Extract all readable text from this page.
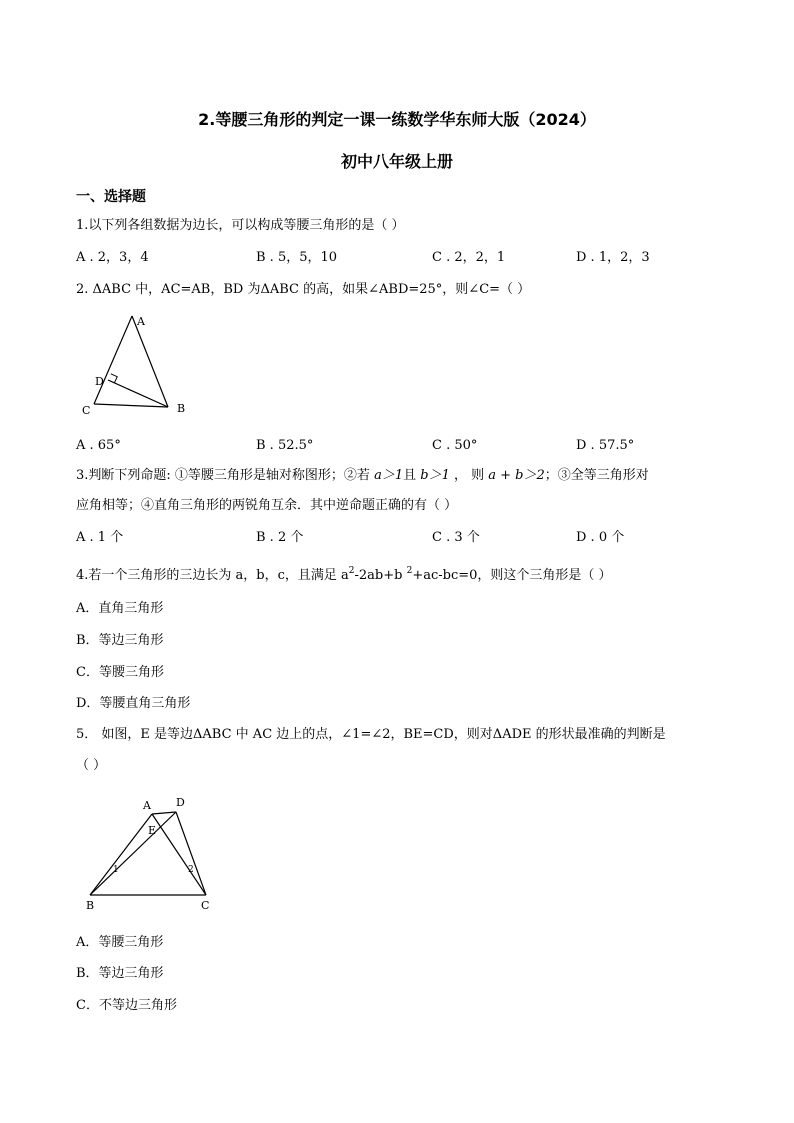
2.等腰三角形的判定一课一练数学华东师大版（2024）
初中八年级上册
一、选择题
1.以下列各组数据为边长，可以构成等腰三角形的是（ ）
A . 2，3，4	B . 5，5，10	C . 2，2，1	D . 1，2，3
2. ΔABC 中，AC=AB，BD 为ΔABC 的高，如果∠ABD=25°，则∠C=（ ）
A
D
C	B
A . 65°	B . 52.5°	C . 50°	D . 57.5°
3.判断下列命题: ①等腰三角形是轴对称图形；②若 a＞1且 b＞1 ， 则 a + b＞2；③全等三角形对
应角相等；④直角三角形的两锐角互余．其中逆命题正确的有（ ）
A . 1 个	B . 2 个	C . 3 个	D . 0 个
4.若一个三角形的三边长为 a，b，c，且满足 $a^2-2ab+b$ $^2$+ac-bc=0，则这个三角形是（ ）
A．直角三角形
B．等边三角形
C．等腰三角形
D．等腰直角三角形
5． 如图，E 是等边ΔABC 中 AC 边上的点，∠1=∠2，BE=CD，则对ΔADE 的形状最准确的判断是
（ ）
A D
E
B	C
1	2
A．等腰三角形
B．等边三角形
C．不等边三角形
